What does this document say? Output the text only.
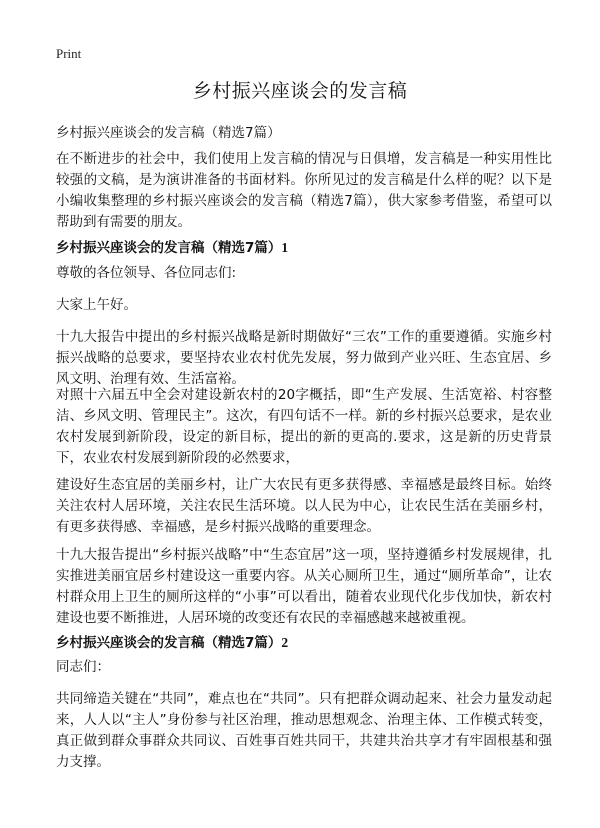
Print
乡村振兴座谈会的发言稿
乡村振兴座谈会的发言稿（精选7篇）

在不断进步的社会中，我们使用上发言稿的情况与日俱增，发言稿是一种实用性比较强的文稿，是为演讲准备的书面材料。你所见过的发言稿是什么样的呢？以下是小编收集整理的乡村振兴座谈会的发言稿（精选7篇），供大家参考借鉴，希望可以帮助到有需要的朋友。

乡村振兴座谈会的发言稿（精选7篇）1

尊敬的各位领导、各位同志们:

大家上午好。

十九大报告中提出的乡村振兴战略是新时期做好“三农”工作的重要遵循。实施乡村振兴战略的总要求，要坚持农业农村优先发展，努力做到产业兴旺、生态宜居、乡风文明、治理有效、生活富裕。

对照十六届五中全会对建设新农村的20字概括，即“生产发展、生活宽裕、村容整洁、乡风文明、管理民主”。这次，有四句话不一样。新的乡村振兴总要求，是农业农村发展到新阶段，设定的新目标，提出的新的更高的.要求，这是新的历史背景下，农业农村发展到新阶段的必然要求，

建设好生态宜居的美丽乡村，让广大农民有更多获得感、幸福感是最终目标。始终关注农村人居环境，关注农民生活环境。以人民为中心，让农民生活在美丽乡村，有更多获得感、幸福感，是乡村振兴战略的重要理念。

十九大报告提出“乡村振兴战略”中“生态宜居”这一项，坚持遵循乡村发展规律，扎实推进美丽宜居乡村建设这一重要内容。从关心厕所卫生，通过“厕所革命”，让农村群众用上卫生的厕所这样的“小事”可以看出，随着农业现代化步伐加快，新农村建设也要不断推进，人居环境的改变还有农民的幸福感越来越被重视。

乡村振兴座谈会的发言稿（精选7篇）2

同志们：

共同缔造关键在“共同”，难点也在“共同”。只有把群众调动起来、社会力量发动起来，人人以“主人”身份参与社区治理，推动思想观念、治理主体、工作模式转变，真正做到群众事群众共同议、百姓事百姓共同干，共建共治共享才有牢固根基和强力支撑。
